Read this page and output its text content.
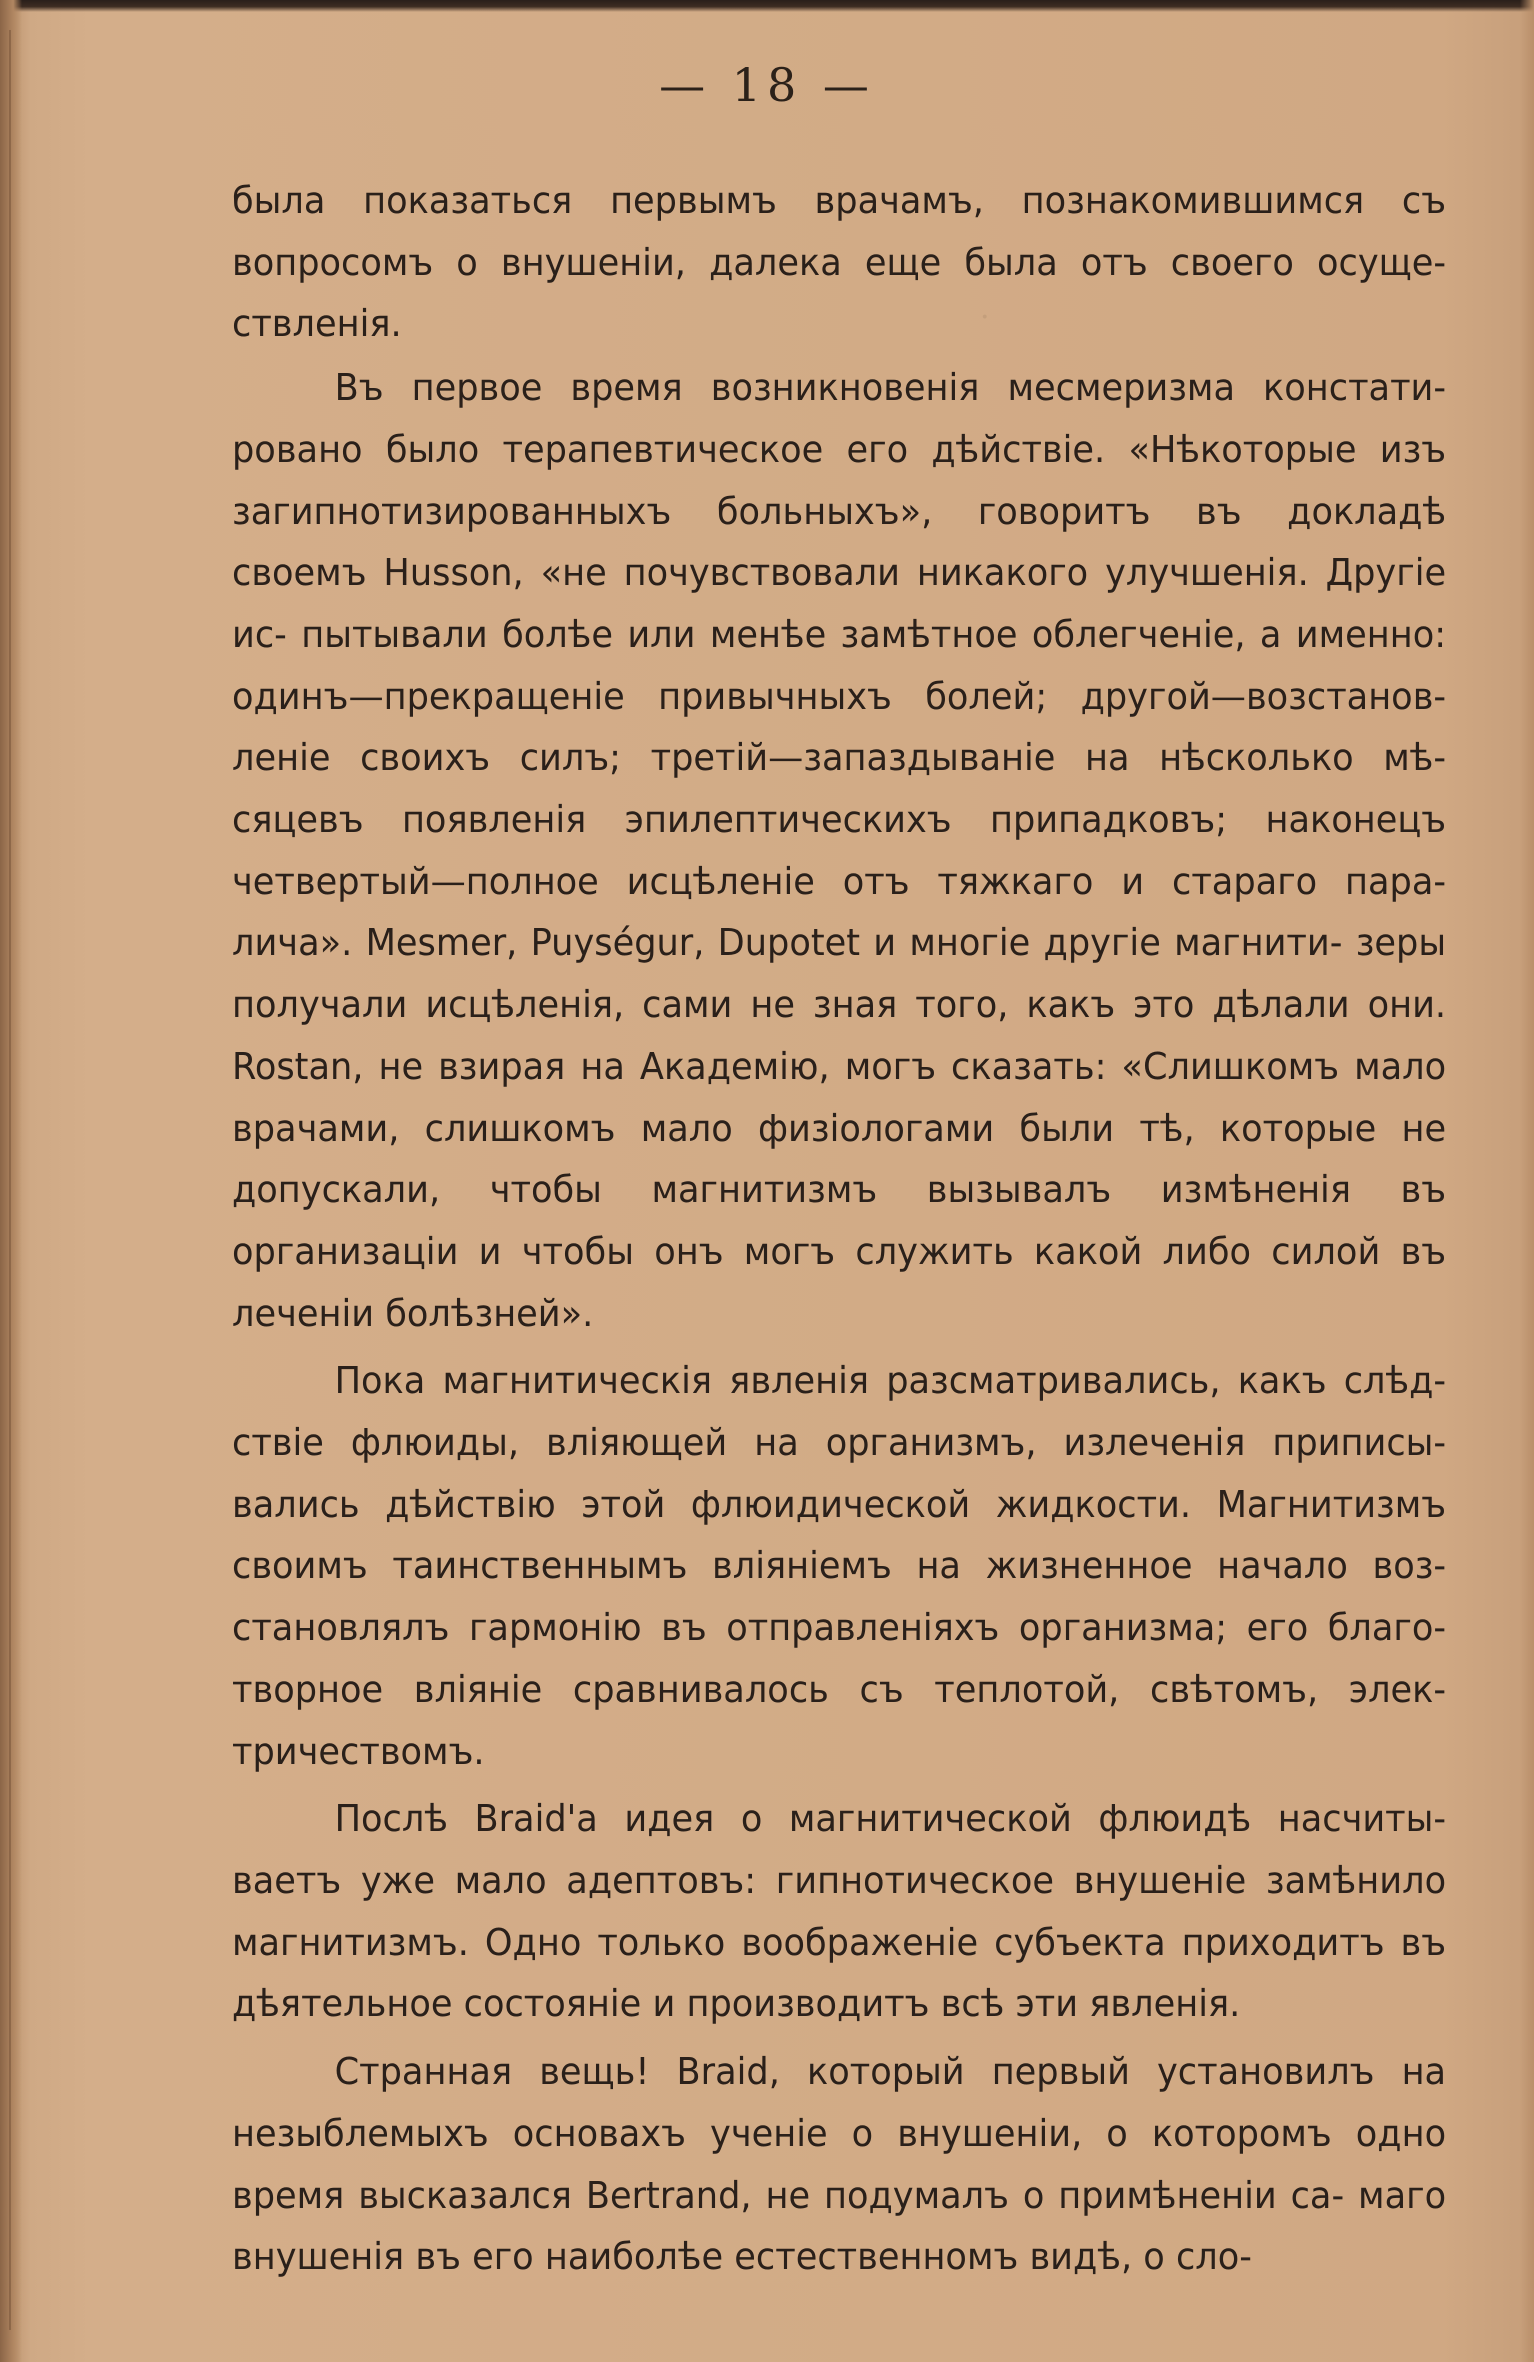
·
— 18 —

была показаться первымъ врачамъ, познакомившимся съ вопросомъ о внушеніи, далека еще была отъ своего осуще- ствленія.

Въ первое время возникновенія месмеризма констати- ровано было терапевтическое его дѣйствіе. «Нѣкоторые изъ загипнотизированныхъ больныхъ», говоритъ въ докладѣ своемъ Husson, «не почувствовали никакого улучшенія. Другіе ис- пытывали болѣе или менѣе замѣтное облегченіе, а именно: одинъ—прекращеніе привычныхъ болей; другой—возстанов- леніе своихъ силъ; третій—запаздываніе на нѣсколько мѣ- сяцевъ появленія эпилептическихъ припадковъ; наконецъ четвертый—полное исцѣленіе отъ тяжкаго и стараго пара- лича». Mesmer, Puységur, Dupotet и многіе другіе магнити- зеры получали исцѣленія, сами не зная того, какъ это дѣлали они. Rostan, не взирая на Академію, могъ сказать: «Слишкомъ мало врачами, слишкомъ мало физіологами были тѣ, которые не допускали, чтобы магнитизмъ вызывалъ измѣненія въ организаціи и чтобы онъ могъ служить какой либо силой въ леченіи болѣзней».

Пока магнитическія явленія разсматривались, какъ слѣд- ствіе флюиды, вліяющей на организмъ, излеченія приписы- вались дѣйствію этой флюидической жидкости. Магнитизмъ своимъ таинственнымъ вліяніемъ на жизненное начало воз- становлялъ гармонію въ отправленіяхъ организма; его благо- творное вліяніе сравнивалось съ теплотой, свѣтомъ, элек- тричествомъ.

Послѣ Braid'а идея о магнитической флюидѣ насчиты- ваетъ уже мало адептовъ: гипнотическое внушеніе замѣнило магнитизмъ. Одно только воображеніе субъекта приходитъ въ дѣятельное состояніе и производитъ всѣ эти явленія.

Странная вещь! Braid, который первый установилъ на незыблемыхъ основахъ ученіе о внушеніи, о которомъ одно время высказался Bertrand, не подумалъ о примѣненіи са- маго внушенія въ его наиболѣе естественномъ видѣ, о сло-
